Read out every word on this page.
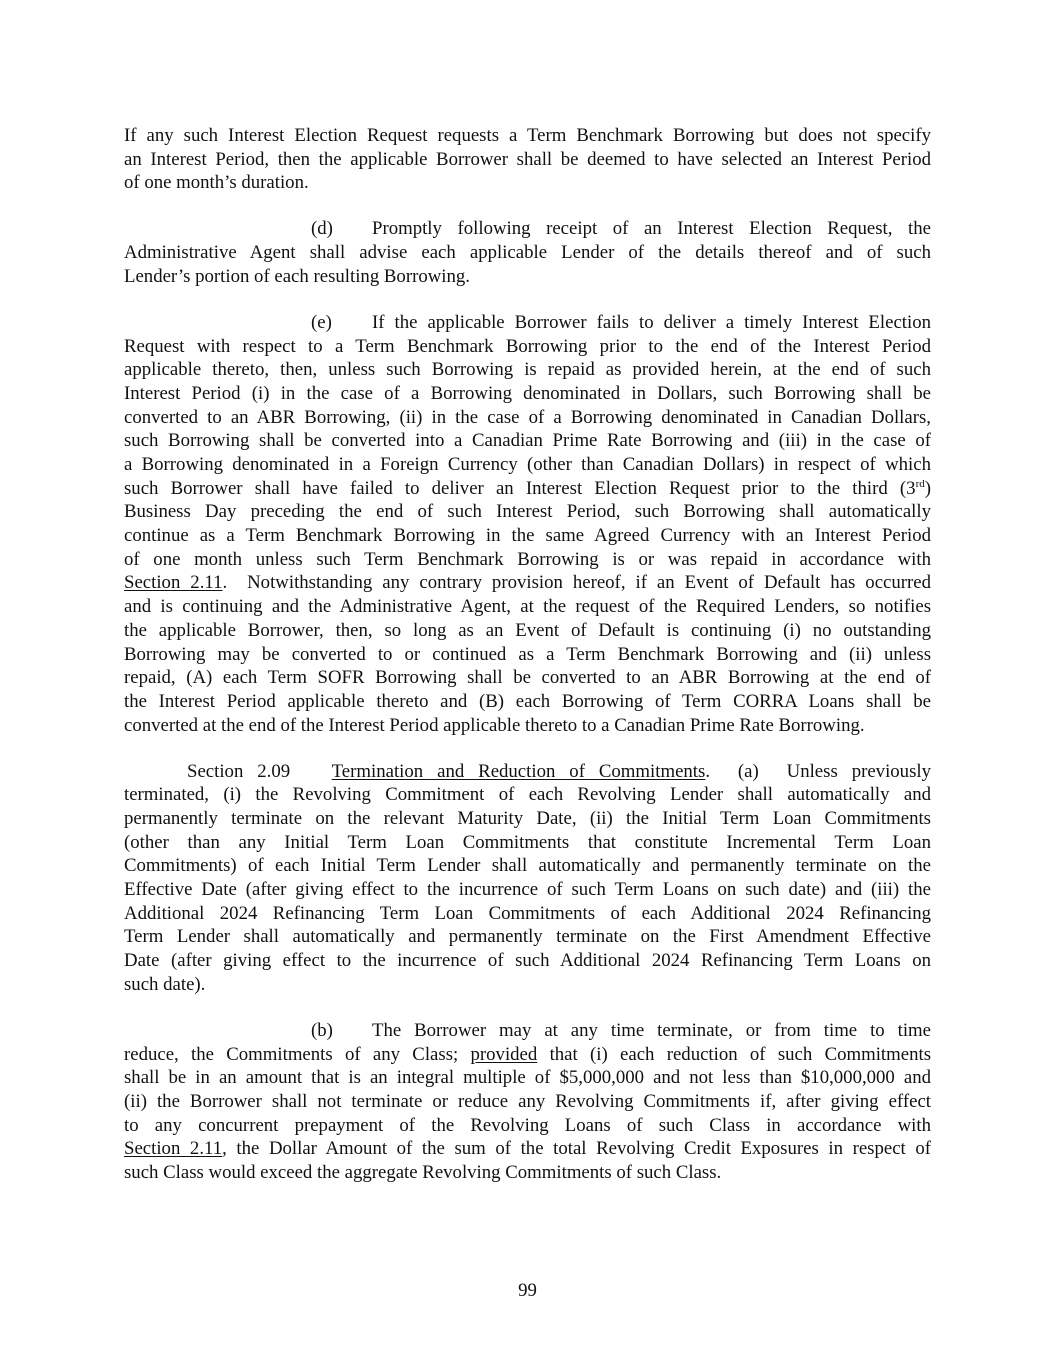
If any such Interest Election Request requests a Term Benchmark Borrowing but does not specify
an Interest Period, then the applicable Borrower shall be deemed to have selected an Interest Period
of one month’s duration.
(d)	Promptly following receipt of an Interest Election Request, the
Administrative Agent shall advise each applicable Lender of the details thereof and of such
Lender’s portion of each resulting Borrowing.
(e)	If the applicable Borrower fails to deliver a timely Interest Election
Request with respect to a Term Benchmark Borrowing prior to the end of the Interest Period
applicable thereto, then, unless such Borrowing is repaid as provided herein, at the end of such
Interest Period (i) in the case of a Borrowing denominated in Dollars, such Borrowing shall be
converted to an ABR Borrowing, (ii) in the case of a Borrowing denominated in Canadian Dollars,
such Borrowing shall be converted into a Canadian Prime Rate Borrowing and (iii) in the case of
a Borrowing denominated in a Foreign Currency (other than Canadian Dollars) in respect of which
such Borrower shall have failed to deliver an Interest Election Request prior to the third (3rd)
Business Day preceding the end of such Interest Period, such Borrowing shall automatically
continue as a Term Benchmark Borrowing in the same Agreed Currency with an Interest Period
of one month unless such Term Benchmark Borrowing is or was repaid in accordance with
Section 2.11.  Notwithstanding any contrary provision hereof, if an Event of Default has occurred
and is continuing and the Administrative Agent, at the request of the Required Lenders, so notifies
the applicable Borrower, then, so long as an Event of Default is continuing (i) no outstanding
Borrowing may be converted to or continued as a Term Benchmark Borrowing and (ii) unless
repaid, (A) each Term SOFR Borrowing shall be converted to an ABR Borrowing at the end of
the Interest Period applicable thereto and (B) each Borrowing of Term CORRA Loans shall be
converted at the end of the Interest Period applicable thereto to a Canadian Prime Rate Borrowing.
Section 2.09   Termination and Reduction of Commitments.  (a)  Unless previously
terminated, (i) the Revolving Commitment of each Revolving Lender shall automatically and
permanently terminate on the relevant Maturity Date, (ii) the Initial Term Loan Commitments
(other than any Initial Term Loan Commitments that constitute Incremental Term Loan
Commitments) of each Initial Term Lender shall automatically and permanently terminate on the
Effective Date (after giving effect to the incurrence of such Term Loans on such date) and (iii) the
Additional 2024 Refinancing Term Loan Commitments of each Additional 2024 Refinancing
Term Lender shall automatically and permanently terminate on the First Amendment Effective
Date (after giving effect to the incurrence of such Additional 2024 Refinancing Term Loans on
such date).
(b)	The Borrower may at any time terminate, or from time to time
reduce, the Commitments of any Class; provided that (i) each reduction of such Commitments
shall be in an amount that is an integral multiple of $5,000,000 and not less than $10,000,000 and
(ii) the Borrower shall not terminate or reduce any Revolving Commitments if, after giving effect
to any concurrent prepayment of the Revolving Loans of such Class in accordance with
Section 2.11, the Dollar Amount of the sum of the total Revolving Credit Exposures in respect of
such Class would exceed the aggregate Revolving Commitments of such Class.
99
